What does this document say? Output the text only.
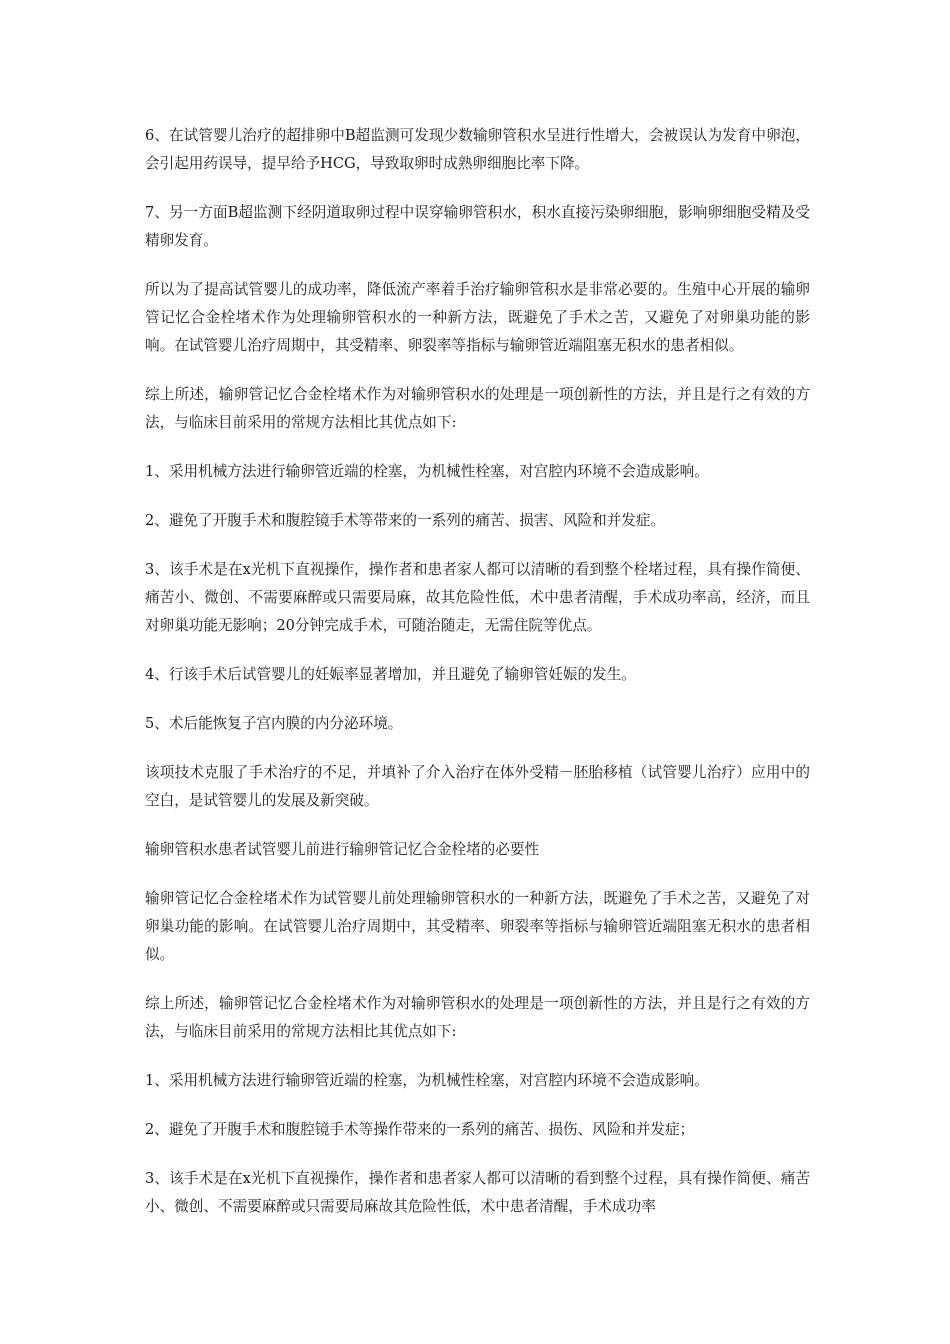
6、在试管婴儿治疗的超排卵中B超监测可发现少数输卵管积水呈进行性增大，会被误认为发育中卵泡，会引起用药误导，提早给予HCG，导致取卵时成熟卵细胞比率下降。

7、另一方面B超监测下经阴道取卵过程中误穿输卵管积水，积水直接污染卵细胞，影响卵细胞受精及受精卵发育。

所以为了提高试管婴儿的成功率，降低流产率着手治疗输卵管积水是非常必要的。生殖中心开展的输卵管记忆合金栓堵术作为处理输卵管积水的一种新方法，既避免了手术之苦，又避免了对卵巢功能的影响。在试管婴儿治疗周期中，其受精率、卵裂率等指标与输卵管近端阻塞无积水的患者相似。

综上所述，输卵管记忆合金栓堵术作为对输卵管积水的处理是一项创新性的方法，并且是行之有效的方法，与临床目前采用的常规方法相比其优点如下:

1、采用机械方法进行输卵管近端的栓塞，为机械性栓塞，对宫腔内环境不会造成影响。

2、避免了开腹手术和腹腔镜手术等带来的一系列的痛苦、损害、风险和并发症。

3、该手术是在x光机下直视操作，操作者和患者家人都可以清晰的看到整个栓堵过程，具有操作简便、痛苦小、微创、不需要麻醉或只需要局麻，故其危险性低，术中患者清醒，手术成功率高，经济，而且对卵巢功能无影响；20分钟完成手术，可随治随走，无需住院等优点。

4、行该手术后试管婴儿的妊娠率显著增加，并且避免了输卵管妊娠的发生。

5、术后能恢复子宫内膜的内分泌环境。

该项技术克服了手术治疗的不足，并填补了介入治疗在体外受精－胚胎移植（试管婴儿治疗）应用中的空白，是试管婴儿的发展及新突破。

输卵管积水患者试管婴儿前进行输卵管记忆合金栓堵的必要性

输卵管记忆合金栓堵术作为试管婴儿前处理输卵管积水的一种新方法，既避免了手术之苦，又避免了对卵巢功能的影响。在试管婴儿治疗周期中，其受精率、卵裂率等指标与输卵管近端阻塞无积水的患者相似。

综上所述，输卵管记忆合金栓堵术作为对输卵管积水的处理是一项创新性的方法，并且是行之有效的方法，与临床目前采用的常规方法相比其优点如下:

1、采用机械方法进行输卵管近端的栓塞，为机械性栓塞，对宫腔内环境不会造成影响。

2、避免了开腹手术和腹腔镜手术等操作带来的一系列的痛苦、损伤、风险和并发症；

3、该手术是在x光机下直视操作，操作者和患者家人都可以清晰的看到整个过程，具有操作简便、痛苦小、微创、不需要麻醉或只需要局麻故其危险性低，术中患者清醒，手术成功率
